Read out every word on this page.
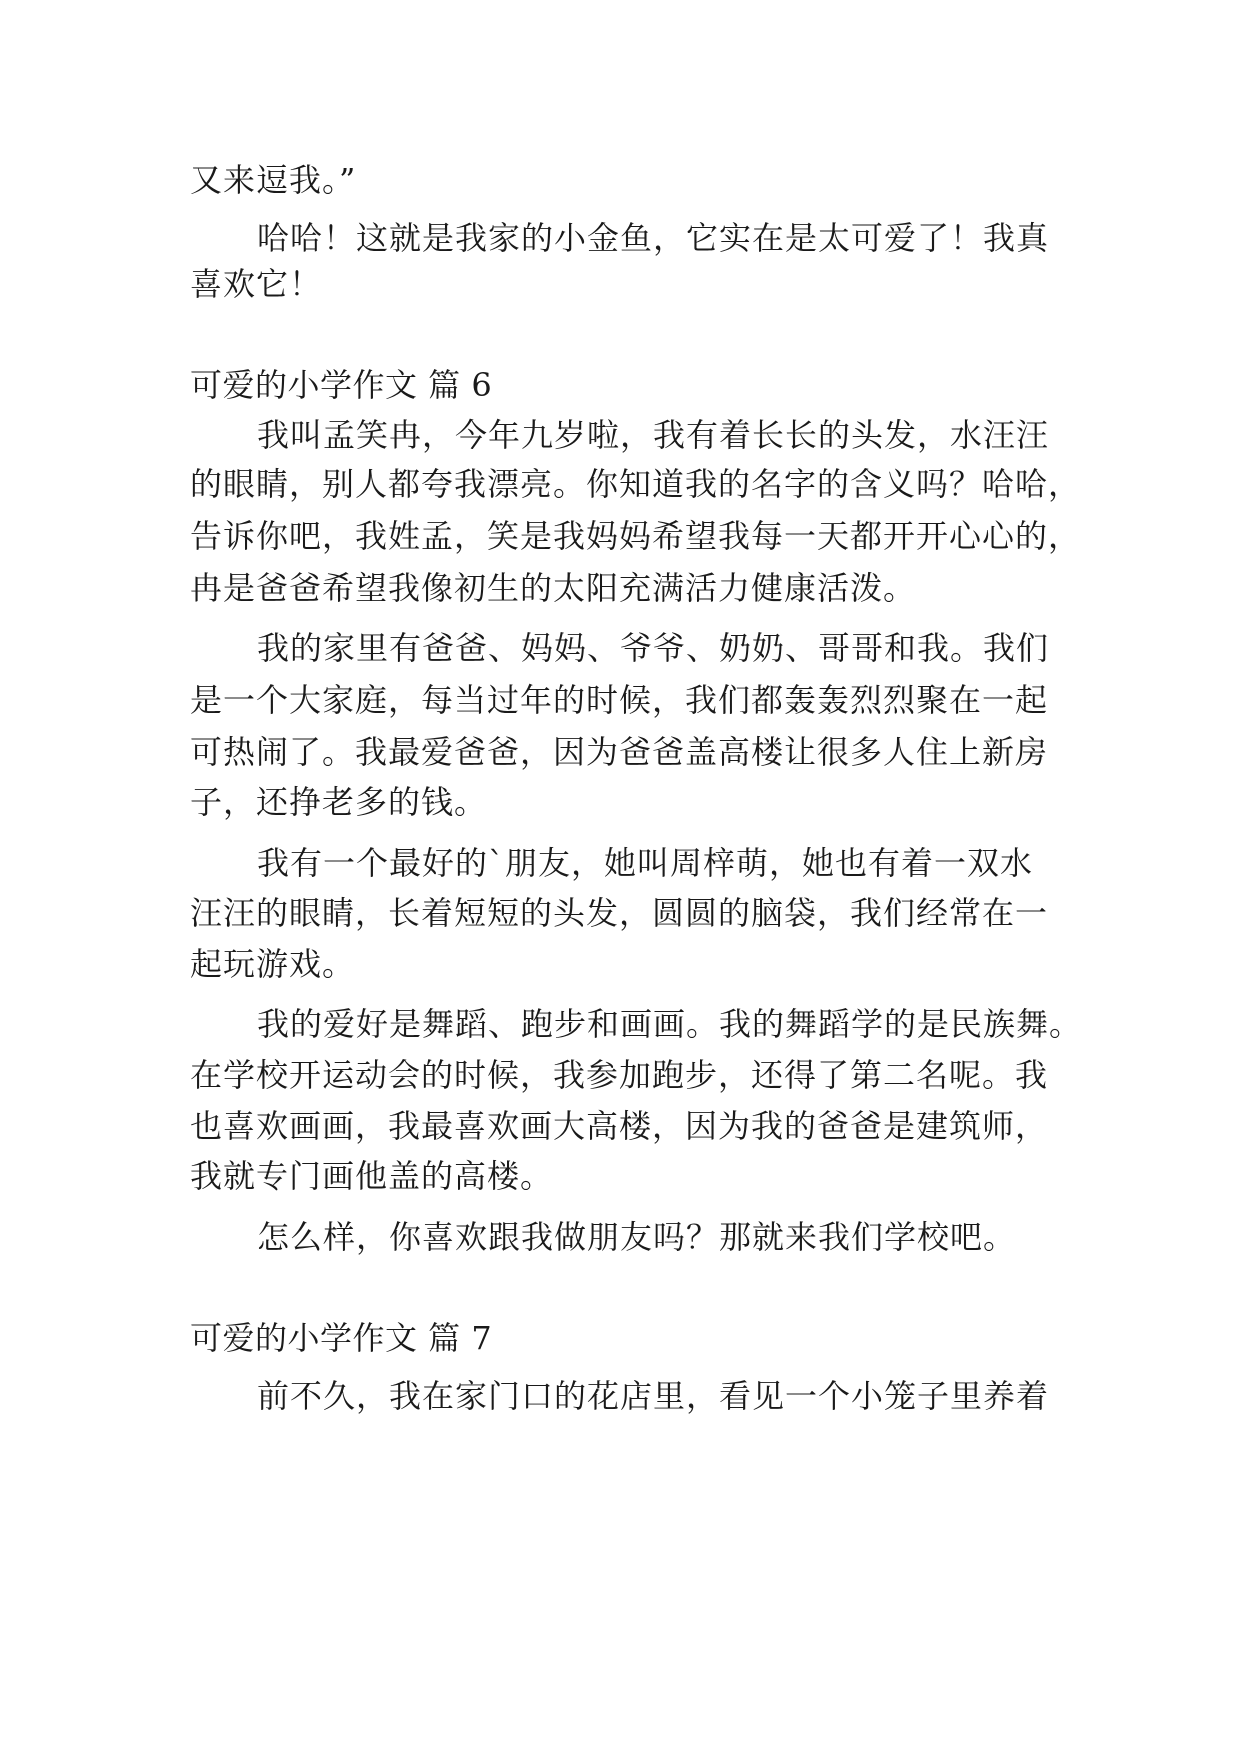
又来逗我。”
哈哈！这就是我家的小金鱼，它实在是太可爱了！我真
喜欢它！
可爱的小学作文 篇 6
我叫孟笑冉，今年九岁啦，我有着长长的头发，水汪汪
的眼睛，别人都夸我漂亮。你知道我的名字的含义吗？哈哈，
告诉你吧，我姓孟，笑是我妈妈希望我每一天都开开心心的，
冉是爸爸希望我像初生的太阳充满活力健康活泼。
我的家里有爸爸、妈妈、爷爷、奶奶、哥哥和我。我们
是一个大家庭，每当过年的时候，我们都轰轰烈烈聚在一起
可热闹了。我最爱爸爸，因为爸爸盖高楼让很多人住上新房
子，还挣老多的钱。
我有一个最好的`朋友，她叫周梓萌，她也有着一双水
汪汪的眼睛，长着短短的头发，圆圆的脑袋，我们经常在一
起玩游戏。
我的爱好是舞蹈、跑步和画画。我的舞蹈学的是民族舞。
在学校开运动会的时候，我参加跑步，还得了第二名呢。我
也喜欢画画，我最喜欢画大高楼，因为我的爸爸是建筑师，
我就专门画他盖的高楼。
怎么样，你喜欢跟我做朋友吗？那就来我们学校吧。
可爱的小学作文 篇 7
前不久，我在家门口的花店里，看见一个小笼子里养着
